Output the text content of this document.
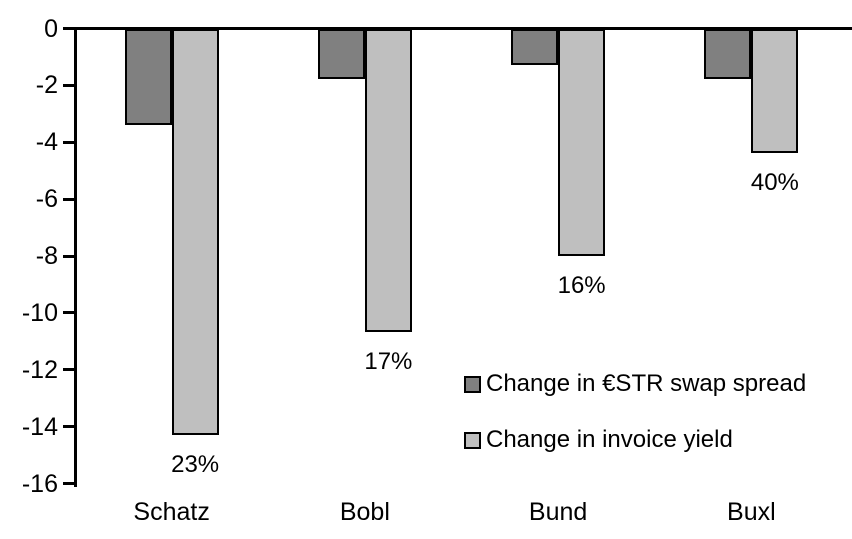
Change in €STR swap spread
Change in invoice yield
23%
Schatz
17%
Bobl
16%
Bund
40%
Buxl
0
-2
-4
-6
-8
-10
-12
-14
-16
